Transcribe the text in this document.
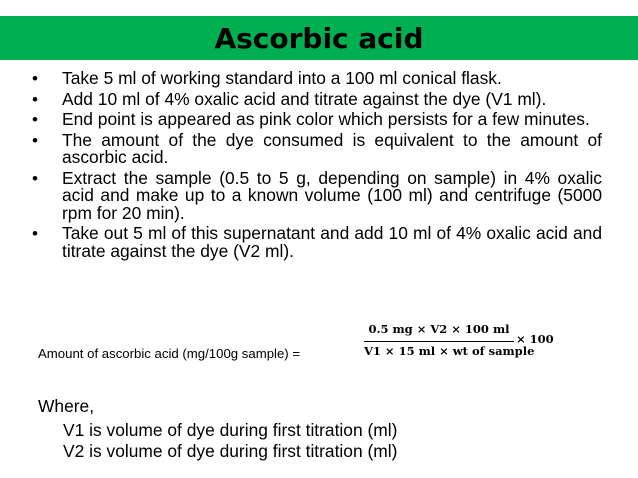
Ascorbic acid
• Take 5 ml of working standard into a 100 ml conical flask.
• Add 10 ml of 4% oxalic acid and titrate against the dye (V1 ml).
• End point is appeared as pink color which persists for a few minutes.
• The amount of the dye consumed is equivalent to the amount of ascorbic acid.
• Extract the sample (0.5 to 5 g, depending on sample) in 4% oxalic acid and make up to a known volume (100 ml) and centrifuge (5000 rpm for 20 min).
• Take out 5 ml of this supernatant and add 10 ml of 4% oxalic acid and titrate against the dye (V2 ml).
Amount of ascorbic acid (mg/100g sample) =
0.5 mg × V2 × 100 ml
V1 × 15 ml × wt of sample
× 100
Where,
V1 is volume of dye during first titration (ml)
V2 is volume of dye during first titration (ml)
